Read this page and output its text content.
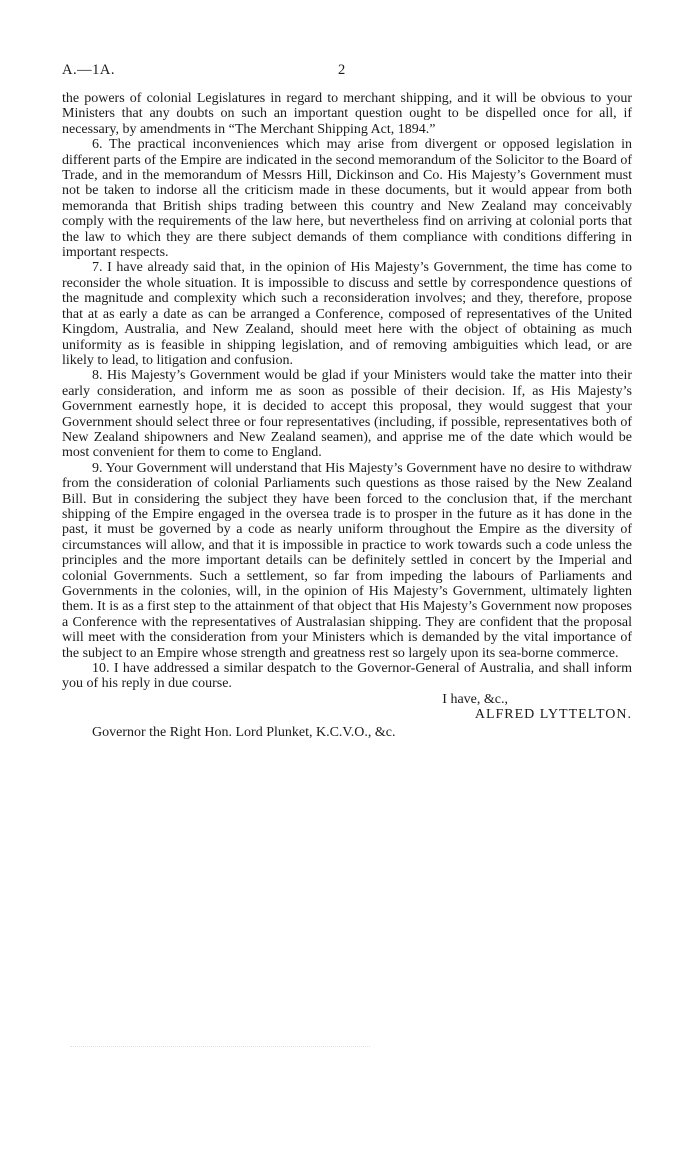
A.—1A.	2

the powers of colonial Legislatures in regard to merchant shipping, and it will be obvious to your Ministers that any doubts on such an important question ought to be dispelled once for all, if necessary, by amendments in “The Merchant Shipping Act, 1894.”

6. The practical inconveniences which may arise from divergent or opposed legislation in different parts of the Empire are indicated in the second memorandum of the Solicitor to the Board of Trade, and in the memorandum of Messrs Hill, Dickinson and Co. His Majesty’s Government must not be taken to indorse all the criticism made in these documents, but it would appear from both memoranda that British ships trading between this country and New Zealand may conceivably comply with the requirements of the law here, but nevertheless find on arriving at colonial ports that the law to which they are there subject demands of them compliance with conditions differing in important respects.

7. I have already said that, in the opinion of His Majesty’s Government, the time has come to reconsider the whole situation. It is impossible to discuss and settle by correspondence questions of the magnitude and complexity which such a reconsideration involves; and they, therefore, propose that at as early a date as can be arranged a Conference, composed of representatives of the United Kingdom, Australia, and New Zealand, should meet here with the object of obtaining as much uniformity as is feasible in shipping legislation, and of removing ambiguities which lead, or are likely to lead, to litigation and confusion.

8. His Majesty’s Government would be glad if your Ministers would take the matter into their early consideration, and inform me as soon as possible of their decision. If, as His Majesty’s Government earnestly hope, it is decided to accept this proposal, they would suggest that your Government should select three or four representatives (including, if possible, representatives both of New Zealand shipowners and New Zealand seamen), and apprise me of the date which would be most convenient for them to come to England.

9. Your Government will understand that His Majesty’s Government have no desire to withdraw from the consideration of colonial Parliaments such questions as those raised by the New Zealand Bill. But in considering the subject they have been forced to the conclusion that, if the merchant shipping of the Empire engaged in the oversea trade is to prosper in the future as it has done in the past, it must be governed by a code as nearly uniform throughout the Empire as the diversity of circumstances will allow, and that it is impossible in practice to work towards such a code unless the principles and the more important details can be definitely settled in concert by the Imperial and colonial Governments. Such a settlement, so far from impeding the labours of Parliaments and Governments in the colonies, will, in the opinion of His Majesty’s Government, ultimately lighten them. It is as a first step to the attainment of that object that His Majesty’s Government now proposes a Conference with the representatives of Australasian shipping. They are confident that the proposal will meet with the consideration from your Ministers which is demanded by the vital importance of the subject to an Empire whose strength and greatness rest so largely upon its sea-borne commerce.

10. I have addressed a similar despatch to the Governor-General of Australia, and shall inform you of his reply in due course.

I have, &c.,
ALFRED LYTTELTON.
Governor the Right Hon. Lord Plunket, K.C.V.O., &c.
